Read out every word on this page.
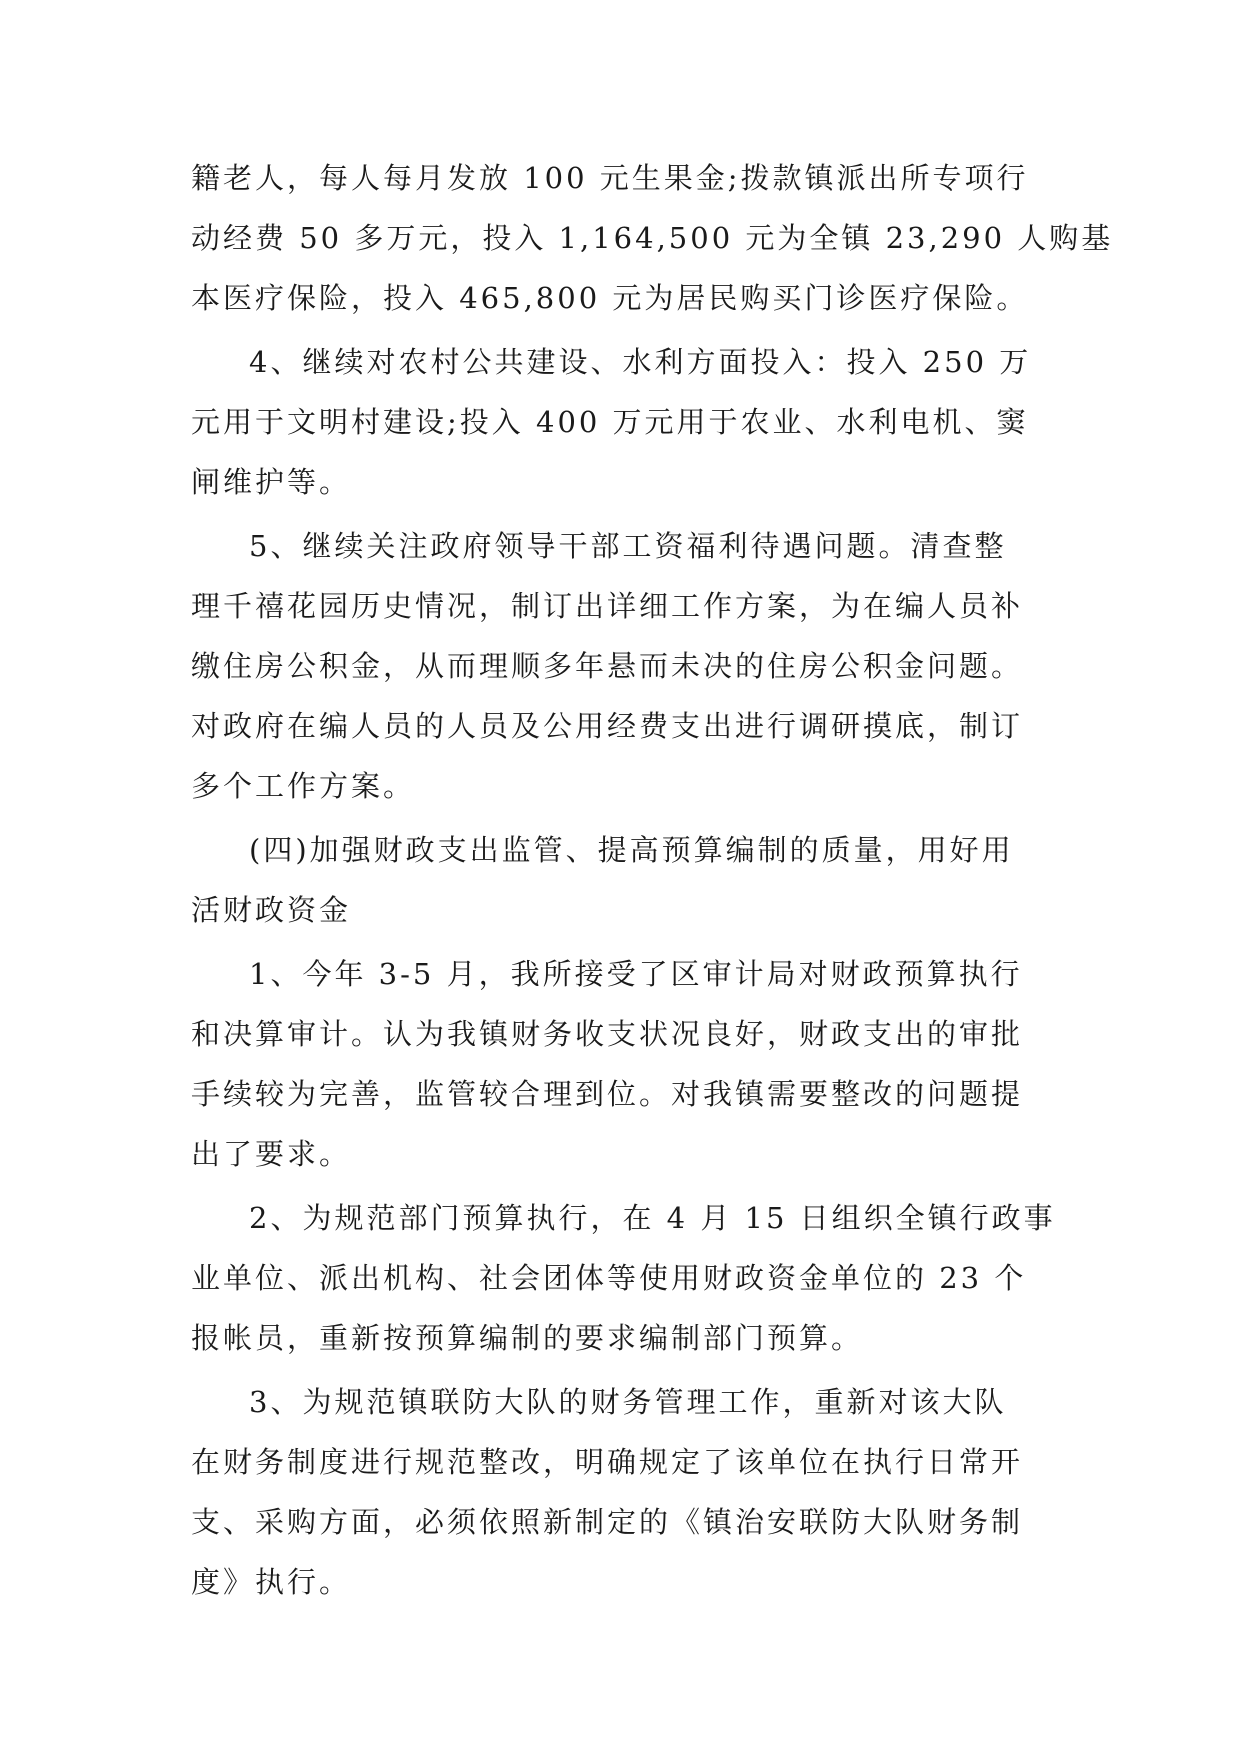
籍老人，每人每月发放 100 元生果金;拨款镇派出所专项行
动经费 50 多万元，投入 1,164,500 元为全镇 23,290 人购基
本医疗保险，投入 465,800 元为居民购买门诊医疗保险。
4、继续对农村公共建设、水利方面投入：投入 250 万
元用于文明村建设;投入 400 万元用于农业、水利电机、窦
闸维护等。
5、继续关注政府领导干部工资福利待遇问题。清查整
理千禧花园历史情况，制订出详细工作方案，为在编人员补
缴住房公积金，从而理顺多年悬而未决的住房公积金问题。
对政府在编人员的人员及公用经费支出进行调研摸底，制订
多个工作方案。
(四)加强财政支出监管、提高预算编制的质量，用好用
活财政资金
1、今年 3-5 月，我所接受了区审计局对财政预算执行
和决算审计。认为我镇财务收支状况良好，财政支出的审批
手续较为完善，监管较合理到位。对我镇需要整改的问题提
出了要求。
2、为规范部门预算执行，在 4 月 15 日组织全镇行政事
业单位、派出机构、社会团体等使用财政资金单位的 23 个
报帐员，重新按预算编制的要求编制部门预算。
3、为规范镇联防大队的财务管理工作，重新对该大队
在财务制度进行规范整改，明确规定了该单位在执行日常开
支、采购方面，必须依照新制定的《镇治安联防大队财务制
度》执行。
